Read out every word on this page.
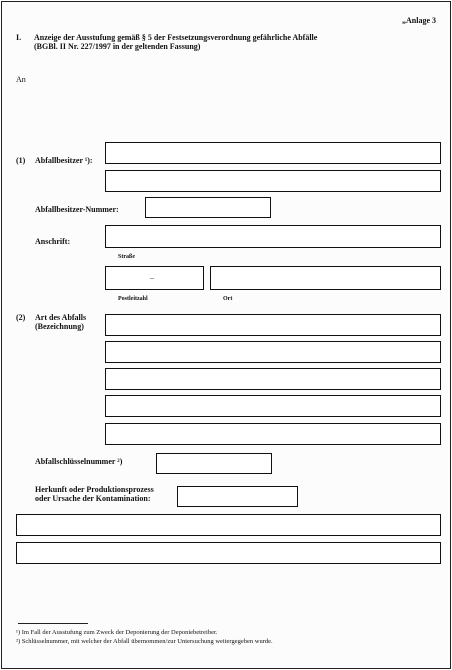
„Anlage 3
I. Anzeige der Ausstufung gemäß § 5 der Festsetzungsverordnung gefährliche Abfälle
(BGBl. II Nr. 227/1997 in der geltenden Fassung)
An
(1) Abfallbesitzer ¹):
Abfallbesitzer-Nummer:
Anschrift:
Straße
–
Postleitzahl	Ort
(2) Art des Abfalls
(Bezeichnung)
Abfallschlüsselnummer ²)
Herkunft oder Produktionsprozess
oder Ursache der Kontamination:
¹) Im Fall der Ausstufung zum Zweck der Deponierung der Deponiebetreiber.
²) Schlüsselnummer, mit welcher der Abfall übernommen/zur Untersuchung weitergegeben wurde.
